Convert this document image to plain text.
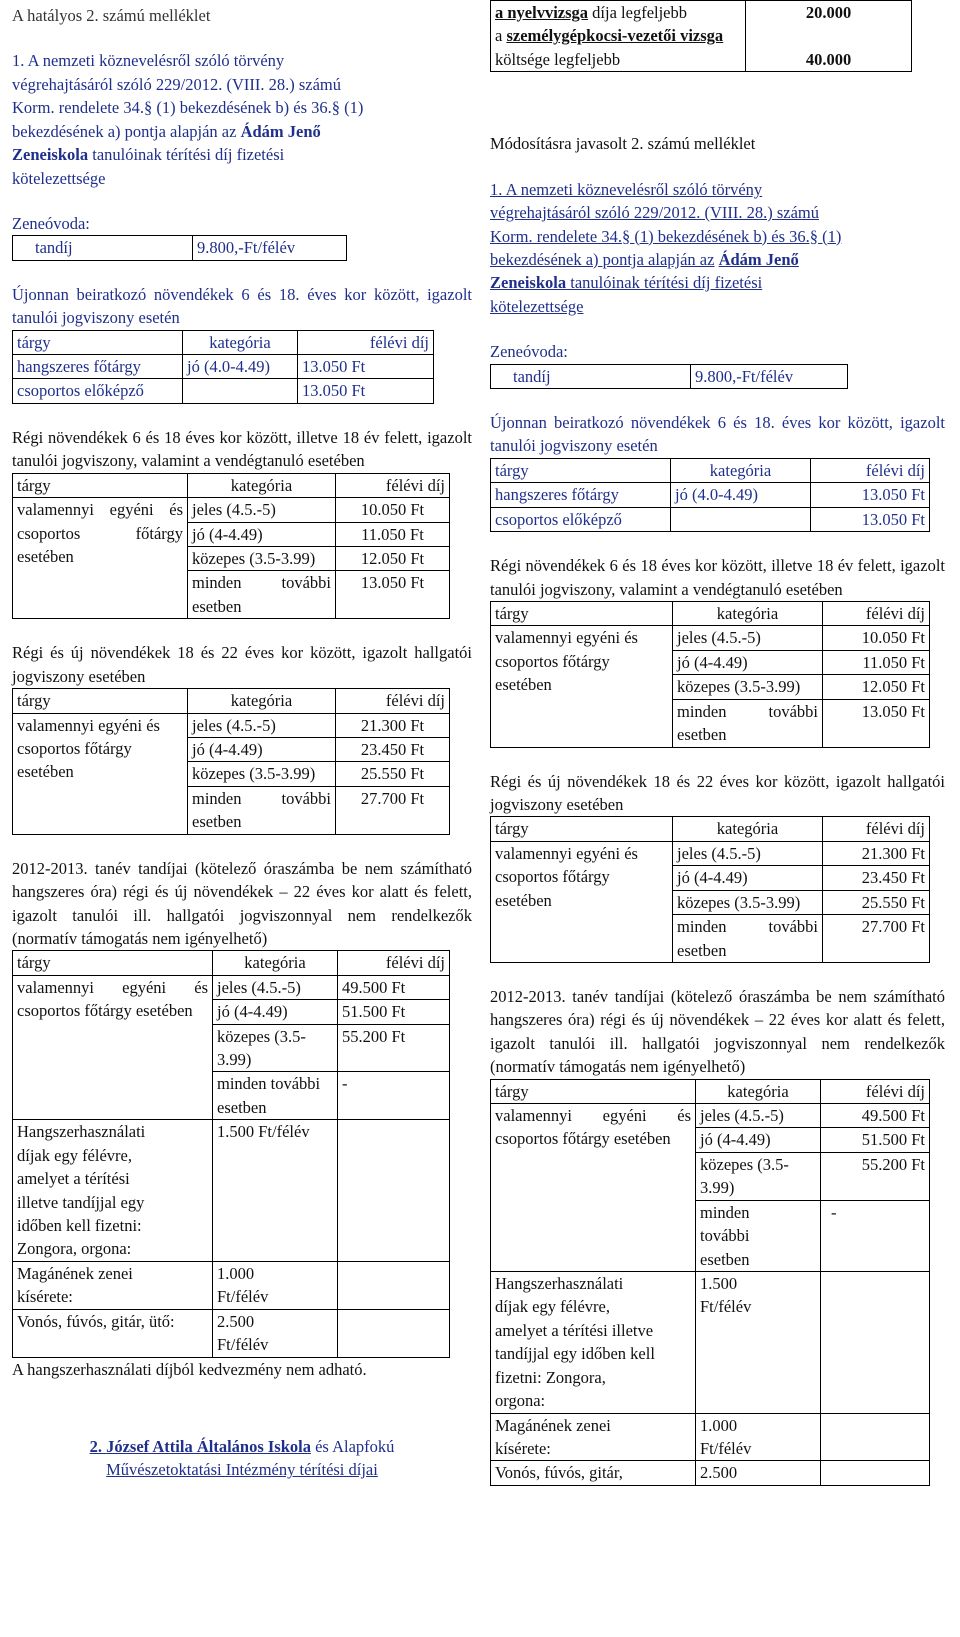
A hatályos 2. számú melléklet

1. A nemzeti köznevelésről szóló törvény
végrehajtásáról szóló 229/2012. (VIII. 28.) számú
Korm. rendelete 34.§ (1) bekezdésének b) és 36.§ (1)
bekezdésének a) pontja alapján az Ádám Jenő
Zeneiskola tanulóinak térítési díj fizetési
kötelezettsége

Zeneóvoda:

tandíj	9.800,-Ft/félév

Újonnan beiratkozó növendékek 6 és 18. éves kor között, igazolt tanulói jogviszony esetén

tárgy	kategória	félévi díj
hangszeres főtárgy	jó (4.0-4.49)	13.050 Ft
csoportos előképző		13.050 Ft

Régi növendékek 6 és 18 éves kor között, illetve 18 év felett, igazolt tanulói jogviszony, valamint a vendégtanuló esetében

tárgy	kategória	félévi díj
valamennyi egyéni és csoportos főtárgy esetében	jeles (4.5.-5)	10.050 Ft
	jó (4-4.49)	11.050 Ft
	közepes (3.5-3.99)	12.050 Ft
	minden további esetben	13.050 Ft

Régi és új növendékek 18 és 22 éves kor között, igazolt hallgatói jogviszony esetében

tárgy	kategória	félévi díj
valamennyi egyéni és csoportos főtárgy esetében	jeles (4.5.-5)	21.300 Ft
	jó (4-4.49)	23.450 Ft
	közepes (3.5-3.99)	25.550 Ft
	minden további esetben	27.700 Ft

2012-2013. tanév tandíjai (kötelező óraszámba be nem számítható hangszeres óra) régi és új növendékek – 22 éves kor alatt és felett, igazolt tanulói ill. hallgatói jogviszonnyal nem rendelkezők (normatív támogatás nem igényelhető)

tárgy	kategória	félévi díj
valamennyi egyéni és csoportos főtárgy esetében	jeles (4.5.-5)	49.500 Ft
	jó (4-4.49)	51.500 Ft
	közepes (3.5-3.99)	55.200 Ft
	minden további esetben	-
Hangszerhasználati díjak egy félévre, amelyet a térítési illetve tandíjjal egy időben kell fizetni: Zongora, orgona:	1.500 Ft/félév	
Magánének zenei kísérete:	1.000 Ft/félév	
Vonós, fúvós, gitár, ütő:	2.500 Ft/félév	

A hangszerhasználati díjból kedvezmény nem adható.

2. József Attila Általános Iskola és Alapfokú
Művészetoktatási Intézmény térítési díjai

a nyelvvizsga díja legfeljebb	20.000
a személygépkocsi-vezetői vizsga költsége legfeljebb	40.000

Módosításra javasolt 2. számú melléklet

1. A nemzeti köznevelésről szóló törvény
végrehajtásáról szóló 229/2012. (VIII. 28.) számú
Korm. rendelete 34.§ (1) bekezdésének b) és 36.§ (1)
bekezdésének a) pontja alapján az Ádám Jenő
Zeneiskola tanulóinak térítési díj fizetési
kötelezettsége

Zeneóvoda:

tandíj	9.800,-Ft/félév

Újonnan beiratkozó növendékek 6 és 18. éves kor között, igazolt tanulói jogviszony esetén

tárgy	kategória	félévi díj
hangszeres főtárgy	jó (4.0-4.49)	13.050 Ft
csoportos előképző		13.050 Ft

Régi növendékek 6 és 18 éves kor között, illetve 18 év felett, igazolt tanulói jogviszony, valamint a vendégtanuló esetében

tárgy	kategória	félévi díj
valamennyi egyéni és csoportos főtárgy esetében	jeles (4.5.-5)	10.050 Ft
	jó (4-4.49)	11.050 Ft
	közepes (3.5-3.99)	12.050 Ft
	minden további esetben	13.050 Ft

Régi és új növendékek 18 és 22 éves kor között, igazolt hallgatói jogviszony esetében

tárgy	kategória	félévi díj
valamennyi egyéni és csoportos főtárgy esetében	jeles (4.5.-5)	21.300 Ft
	jó (4-4.49)	23.450 Ft
	közepes (3.5-3.99)	25.550 Ft
	minden további esetben	27.700 Ft

2012-2013. tanév tandíjai (kötelező óraszámba be nem számítható hangszeres óra) régi és új növendékek – 22 éves kor alatt és felett, igazolt tanulói ill. hallgatói jogviszonnyal nem rendelkezők (normatív támogatás nem igényelhető)

tárgy	kategória	félévi díj
valamennyi egyéni és csoportos főtárgy esetében	jeles (4.5.-5)	49.500 Ft
	jó (4-4.49)	51.500 Ft
	közepes (3.5-3.99)	55.200 Ft
	minden további esetben	-
Hangszerhasználati díjak egy félévre, amelyet a térítési illetve tandíjjal egy időben kell fizetni: Zongora, orgona:	1.500 Ft/félév	
Magánének zenei kísérete:	1.000 Ft/félév	
Vonós, fúvós, gitár,	2.500	
